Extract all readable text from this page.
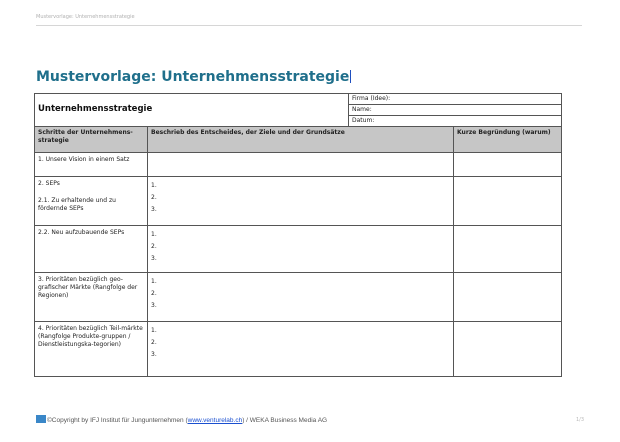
Mustervorlage: Unternehmensstrategie
Mustervorlage: Unternehmensstrategie
Unternehmensstrategie		Firma (Idee):	
		Name:	
		Datum:	
Schritte der Unternehmens-strategie	Beschrieb des Entscheides, der Ziele und der Grundsätze		Kurze Begründung (warum)
1. Unsere Vision in einem Satz			
2. SEPs
2.1. Zu erhaltende und zu fördernde SEPs	1.
2.
3.		

2.2. Neu aufzubauende SEPs	1.
2.
3.		

3. Prioritäten bezüglich geo-grafischer Märkte (Rangfolge der Regionen)	1.
2.
3.		

4. Prioritäten bezüglich Teil-märkte (Rangfolge Produkte-gruppen / Dienstleistungska-tegorien)	1.
2.
3.		

©Copyright by IFJ Institut für Jungunternehmen (www.venturelab.ch) / WEKA Business Media AG	1/3
